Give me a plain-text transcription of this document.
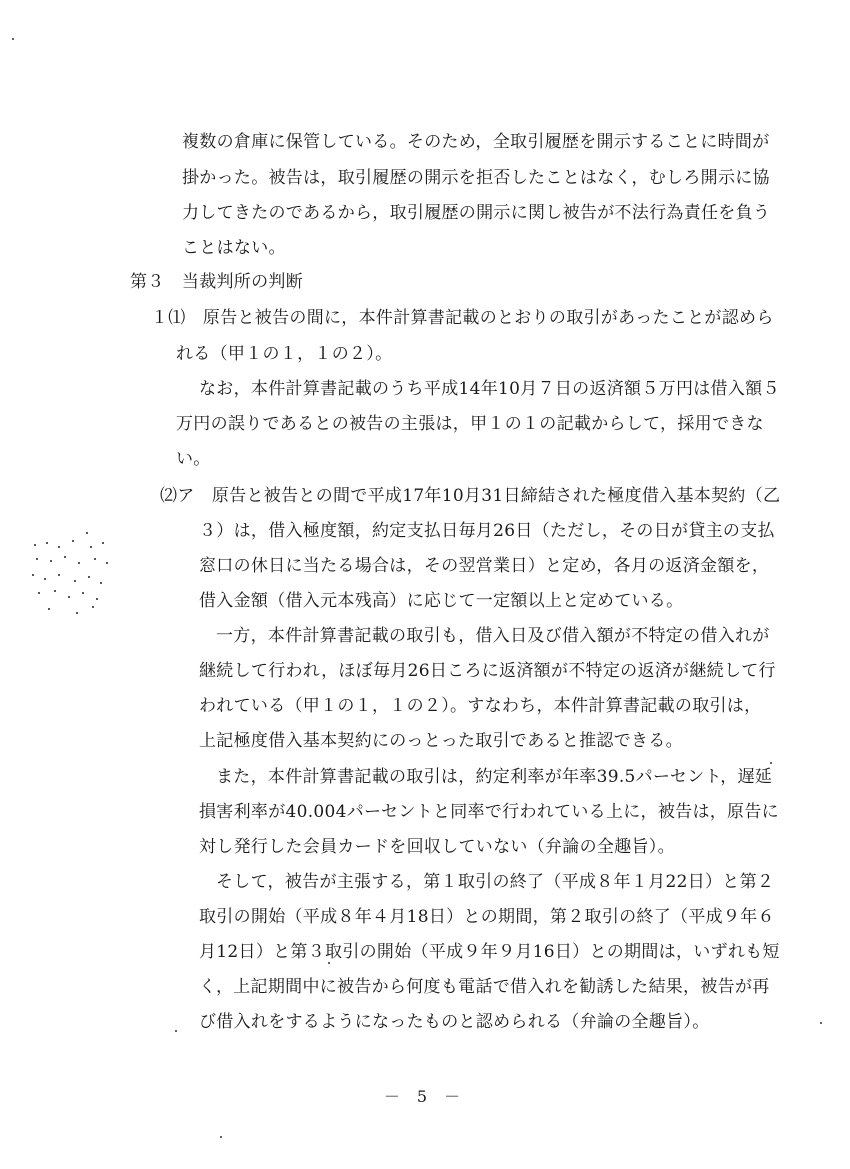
複数の倉庫に保管している。そのため，全取引履歴を開示することに時間が
掛かった。被告は，取引履歴の開示を拒否したことはなく，むしろ開示に協
力してきたのであるから，取引履歴の開示に関し被告が不法行為責任を負う
ことはない。
第３　当裁判所の判断
１⑴　原告と被告の間に，本件計算書記載のとおりの取引があったことが認めら
れる（甲１の１，１の２）。
なお，本件計算書記載のうち平成14年10月７日の返済額５万円は借入額５
万円の誤りであるとの被告の主張は，甲１の１の記載からして，採用できな
い。
⑵ア　原告と被告との間で平成17年10月31日締結された極度借入基本契約（乙
３）は，借入極度額，約定支払日毎月26日（ただし，その日が貸主の支払
窓口の休日に当たる場合は，その翌営業日）と定め，各月の返済金額を，
借入金額（借入元本残高）に応じて一定額以上と定めている。
一方，本件計算書記載の取引も，借入日及び借入額が不特定の借入れが
継続して行われ，ほぼ毎月26日ころに返済額が不特定の返済が継続して行
われている（甲１の１，１の２）。すなわち，本件計算書記載の取引は，
上記極度借入基本契約にのっとった取引であると推認できる。
また，本件計算書記載の取引は，約定利率が年率39.5パーセント，遅延
損害利率が40.004パーセントと同率で行われている上に，被告は，原告に
対し発行した会員カードを回収していない（弁論の全趣旨）。
そして，被告が主張する，第１取引の終了（平成８年１月22日）と第２
取引の開始（平成８年４月18日）との期間，第２取引の終了（平成９年６
月12日）と第３取引の開始（平成９年９月16日）との期間は，いずれも短
く，上記期間中に被告から何度も電話で借入れを勧誘した結果，被告が再
び借入れをするようになったものと認められる（弁論の全趣旨）。
－ 5 －
